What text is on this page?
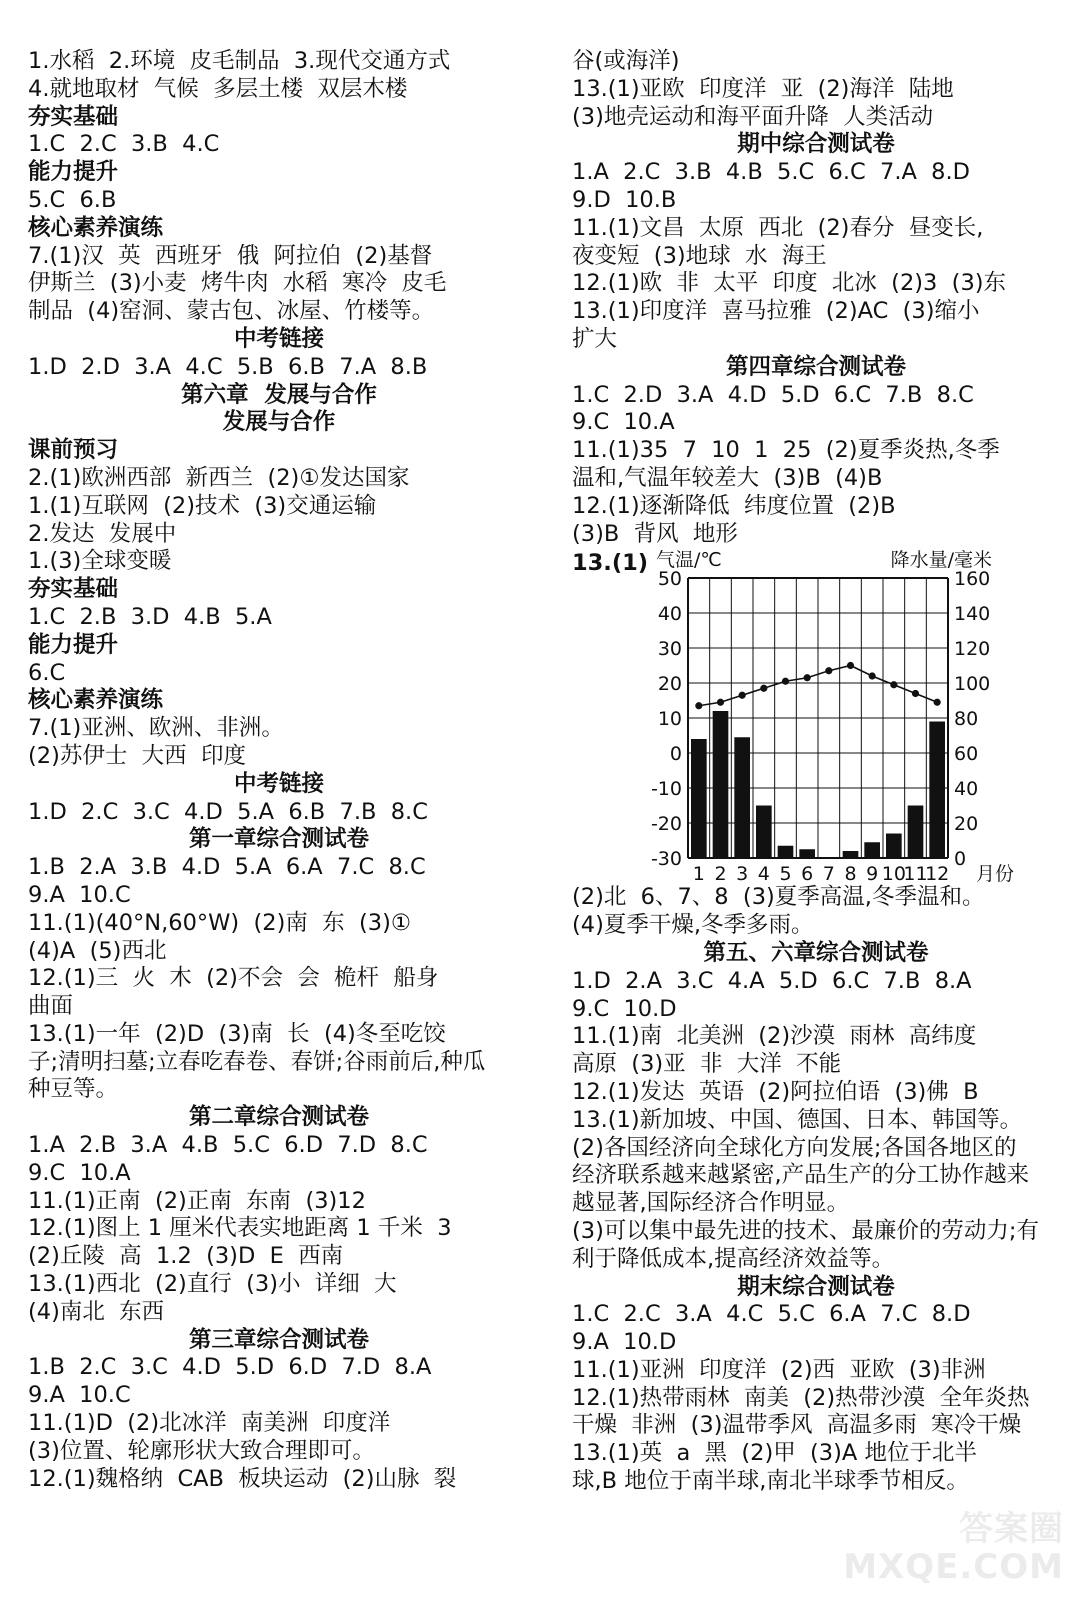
1.水稻  2.环境  皮毛制品  3.现代交通方式
4.就地取材  气候  多层土楼  双层木楼
夯实基础
1.C  2.C  3.B  4.C
能力提升
5.C  6.B
核心素养演练
7.(1)汉  英  西班牙  俄  阿拉伯  (2)基督
伊斯兰  (3)小麦  烤牛肉  水稻  寒冷  皮毛
制品  (4)窑洞、蒙古包、冰屋、竹楼等。
中考链接
1.D  2.D  3.A  4.C  5.B  6.B  7.A  8.B
第六章  发展与合作
发展与合作
课前预习
2.(1)欧洲西部  新西兰  (2)①发达国家
1.(1)互联网  (2)技术  (3)交通运输
2.发达  发展中
1.(3)全球变暖
夯实基础
1.C  2.B  3.D  4.B  5.A
能力提升
6.C
核心素养演练
7.(1)亚洲、欧洲、非洲。
(2)苏伊士  大西  印度
中考链接
1.D  2.C  3.C  4.D  5.A  6.B  7.B  8.C
第一章综合测试卷
1.B  2.A  3.B  4.D  5.A  6.A  7.C  8.C
9.A  10.C
11.(1)(40°N,60°W)  (2)南  东  (3)①
(4)A  (5)西北
12.(1)三  火  木  (2)不会  会  桅杆  船身
曲面
13.(1)一年  (2)D  (3)南  长  (4)冬至吃饺
子;清明扫墓;立春吃春卷、春饼;谷雨前后,种瓜
种豆等。
第二章综合测试卷
1.A  2.B  3.A  4.B  5.C  6.D  7.D  8.C
9.C  10.A
11.(1)正南  (2)正南  东南  (3)12
12.(1)图上 1 厘米代表实地距离 1 千米  3
(2)丘陵  高  1.2  (3)D  E  西南
13.(1)西北  (2)直行  (3)小  详细  大
(4)南北  东西
第三章综合测试卷
1.B  2.C  3.C  4.D  5.D  6.D  7.D  8.A
9.A  10.C
11.(1)D  (2)北冰洋  南美洲  印度洋
(3)位置、轮廓形状大致合理即可。
12.(1)魏格纳  CAB  板块运动  (2)山脉  裂
谷(或海洋)
13.(1)亚欧  印度洋  亚  (2)海洋  陆地
(3)地壳运动和海平面升降  人类活动
期中综合测试卷
1.A  2.C  3.B  4.B  5.C  6.C  7.A  8.D
9.D  10.B
11.(1)文昌  太原  西北  (2)春分  昼变长,
夜变短  (3)地球  水  海王
12.(1)欧  非  太平  印度  北冰  (2)3  (3)东
13.(1)印度洋  喜马拉雅  (2)AC  (3)缩小
扩大
第四章综合测试卷
1.C  2.D  3.A  4.D  5.D  6.C  7.B  8.C
9.C  10.A
11.(1)35  7  10  1  25  (2)夏季炎热,冬季
温和,气温年较差大  (3)B  (4)B
12.(1)逐渐降低  纬度位置  (2)B
(3)B  背风  地形
13.(1)
50
40
30
20
10
0
-10
-20
-30
160
140
120
100
80
60
40
20
0
1 2 3 4 5 6 7 8 9 10
11
12 月份
气温/℃	降水量/毫米
(2)北  6、7、8  (3)夏季高温,冬季温和。
(4)夏季干燥,冬季多雨。
第五、六章综合测试卷
1.D  2.A  3.C  4.A  5.D  6.C  7.B  8.A
9.C  10.D
11.(1)南  北美洲  (2)沙漠  雨林  高纬度
高原  (3)亚  非  大洋  不能
12.(1)发达  英语  (2)阿拉伯语  (3)佛  B
13.(1)新加坡、中国、德国、日本、韩国等。
(2)各国经济向全球化方向发展;各国各地区的
经济联系越来越紧密,产品生产的分工协作越来
越显著,国际经济合作明显。
(3)可以集中最先进的技术、最廉价的劳动力;有
利于降低成本,提高经济效益等。
期末综合测试卷
1.C  2.C  3.A  4.C  5.C  6.A  7.C  8.D
9.A  10.D
11.(1)亚洲  印度洋  (2)西  亚欧  (3)非洲
12.(1)热带雨林  南美  (2)热带沙漠  全年炎热
干燥  非洲  (3)温带季风  高温多雨  寒冷干燥
13.(1)英  a  黑  (2)甲  (3)A 地位于北半
球,B 地位于南半球,南北半球季节相反。
答案圈
MXQE.COM
